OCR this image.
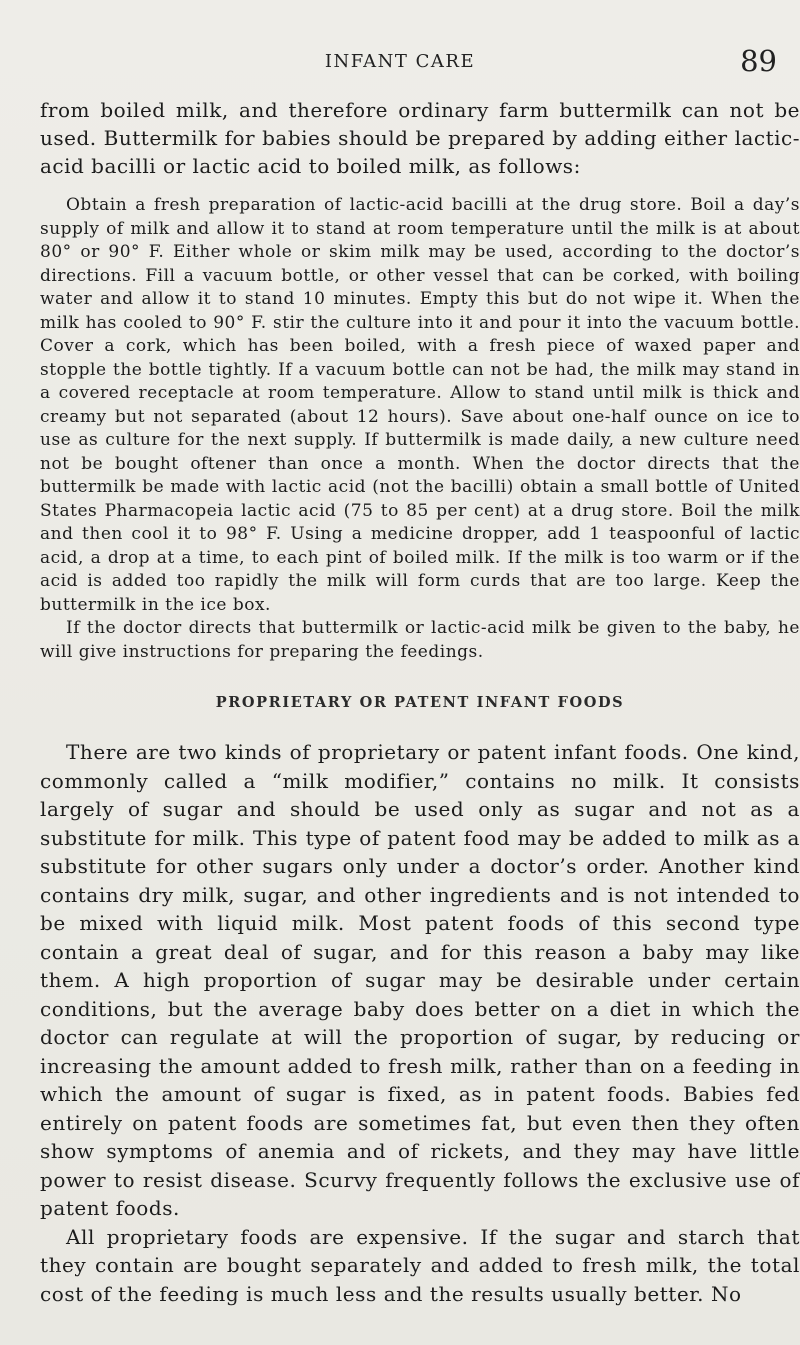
INFANT CARE	89

from boiled milk, and therefore ordinary farm buttermilk can not be used. Buttermilk for babies should be prepared by adding either lactic-acid bacilli or lactic acid to boiled milk, as follows:

Obtain a fresh preparation of lactic-acid bacilli at the drug store. Boil a day’s supply of milk and allow it to stand at room temperature until the milk is at about 80° or 90° F. Either whole or skim milk may be used, according to the doctor’s directions. Fill a vacuum bottle, or other vessel that can be corked, with boiling water and allow it to stand 10 minutes. Empty this but do not wipe it. When the milk has cooled to 90° F. stir the culture into it and pour it into the vacuum bottle. Cover a cork, which has been boiled, with a fresh piece of waxed paper and stopple the bottle tightly. If a vacuum bottle can not be had, the milk may stand in a covered receptacle at room temperature. Allow to stand until milk is thick and creamy but not separated (about 12 hours). Save about one-half ounce on ice to use as culture for the next supply. If buttermilk is made daily, a new culture need not be bought oftener than once a month. When the doctor directs that the buttermilk be made with lactic acid (not the bacilli) obtain a small bottle of United States Pharmacopeia lactic acid (75 to 85 per cent) at a drug store. Boil the milk and then cool it to 98° F. Using a medicine dropper, add 1 teaspoonful of lactic acid, a drop at a time, to each pint of boiled milk. If the milk is too warm or if the acid is added too rapidly the milk will form curds that are too large. Keep the buttermilk in the ice box.

If the doctor directs that buttermilk or lactic-acid milk be given to the baby, he will give instructions for preparing the feedings.

PROPRIETARY OR PATENT INFANT FOODS

There are two kinds of proprietary or patent infant foods. One kind, commonly called a “milk modifier,” contains no milk. It consists largely of sugar and should be used only as sugar and not as a substitute for milk. This type of patent food may be added to milk as a substitute for other sugars only under a doctor’s order. Another kind contains dry milk, sugar, and other ingredients and is not intended to be mixed with liquid milk. Most patent foods of this second type contain a great deal of sugar, and for this reason a baby may like them. A high proportion of sugar may be desirable under certain conditions, but the average baby does better on a diet in which the doctor can regulate at will the proportion of sugar, by reducing or increasing the amount added to fresh milk, rather than on a feeding in which the amount of sugar is fixed, as in patent foods. Babies fed entirely on patent foods are sometimes fat, but even then they often show symptoms of anemia and of rickets, and they may have little power to resist disease. Scurvy frequently follows the exclusive use of patent foods.

All proprietary foods are expensive. If the sugar and starch that they contain are bought separately and added to fresh milk, the total cost of the feeding is much less and the results usually better. No
